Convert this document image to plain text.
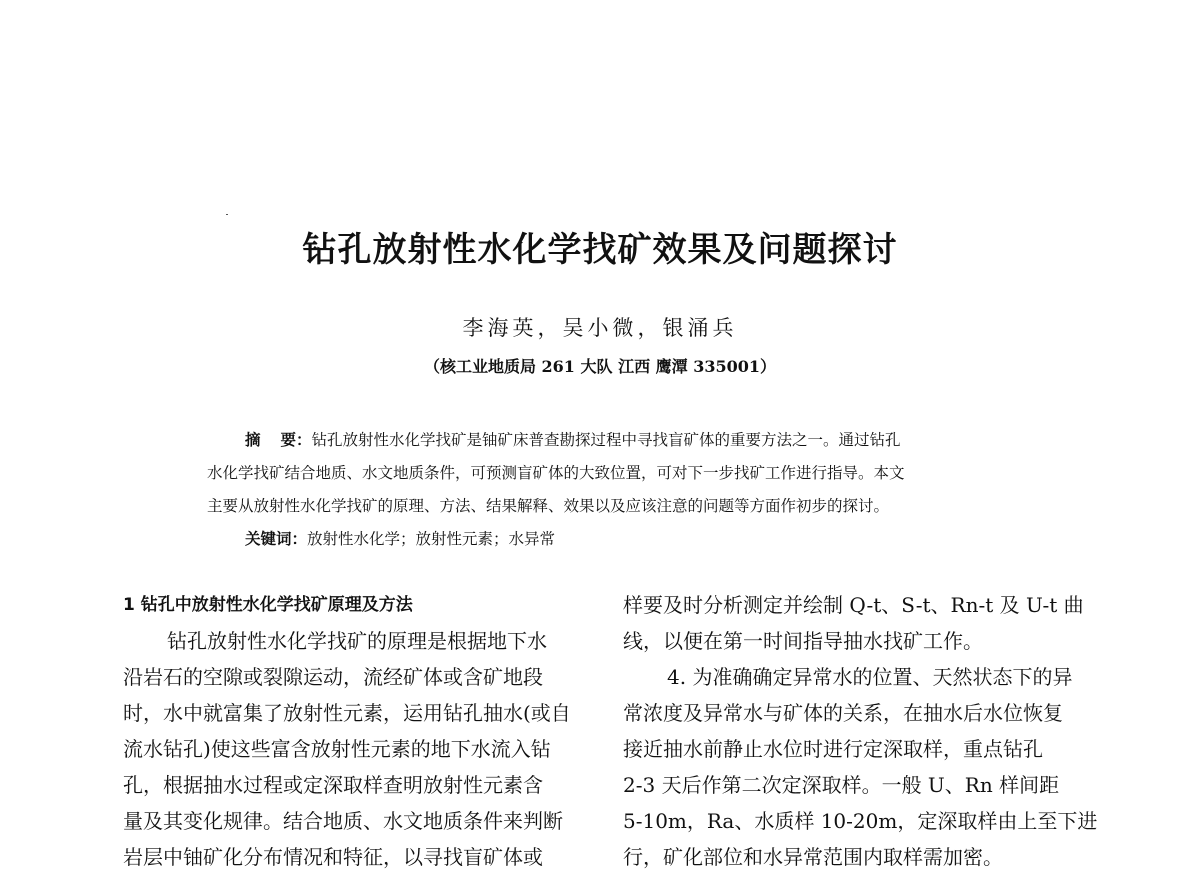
钻孔放射性水化学找矿效果及问题探讨
李海英，吴小微，银涌兵
（核工业地质局 261 大队 江西 鹰潭 335001）
摘 要：钻孔放射性水化学找矿是铀矿床普查勘探过程中寻找盲矿体的重要方法之一。通过钻孔
水化学找矿结合地质、水文地质条件，可预测盲矿体的大致位置，可对下一步找矿工作进行指导。本文
主要从放射性水化学找矿的原理、方法、结果解释、效果以及应该注意的问题等方面作初步的探讨。
关键词：放射性水化学；放射性元素；水异常
1 钻孔中放射性水化学找矿原理及方法
钻孔放射性水化学找矿的原理是根据地下水
沿岩石的空隙或裂隙运动，流经矿体或含矿地段
时，水中就富集了放射性元素，运用钻孔抽水(或自
流水钻孔)使这些富含放射性元素的地下水流入钻
孔，根据抽水过程或定深取样查明放射性元素含
量及其变化规律。结合地质、水文地质条件来判断
岩层中铀矿化分布情况和特征，以寻找盲矿体或
样要及时分析测定并绘制 Q-t、S-t、Rn-t 及 U-t 曲
线，以便在第一时间指导抽水找矿工作。
4. 为准确确定异常水的位置、天然状态下的异
常浓度及异常水与矿体的关系，在抽水后水位恢复
接近抽水前静止水位时进行定深取样，重点钻孔
2-3 天后作第二次定深取样。一般 U、Rn 样间距
5-10m，Ra、水质样 10-20m，定深取样由上至下进
行，矿化部位和水异常范围内取样需加密。
